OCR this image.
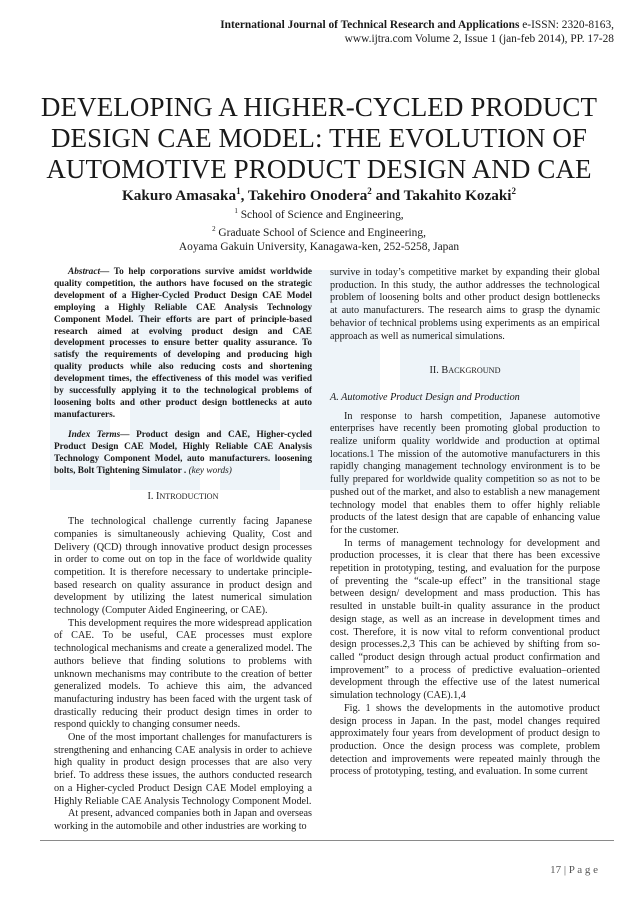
International Journal of Technical Research and Applications e-ISSN: 2320-8163,
www.ijtra.com Volume 2, Issue 1 (jan-feb 2014), PP. 17-28
DEVELOPING A HIGHER-CYCLED PRODUCT DESIGN CAE MODEL: THE EVOLUTION OF AUTOMOTIVE PRODUCT DESIGN AND CAE
Kakuro Amasaka$^1$, Takehiro Onodera$^2$ and Takahito Kozaki$^2$
$^1$ School of Science and Engineering,
$^2$ Graduate School of Science and Engineering,
Aoyama Gakuin University, Kanagawa-ken, 252-5258, Japan

Abstract— To help corporations survive amidst worldwide quality competition, the authors have focused on the strategic development of a Higher-Cycled Product Design CAE Model employing a Highly Reliable CAE Analysis Technology Component Model. Their efforts are part of principle-based research aimed at evolving product design and CAE development processes to ensure better quality assurance. To satisfy the requirements of developing and producing high quality products while also reducing costs and shortening development times, the effectiveness of this model was verified by successfully applying it to the technological problems of loosening bolts and other product design bottlenecks at auto manufacturers.

Index Terms— Product design and CAE, Higher-cycled Product Design CAE Model, Highly Reliable CAE Analysis Technology Component Model, auto manufacturers. loosening bolts, Bolt Tightening Simulator . (key words)

I. INTRODUCTION

The technological challenge currently facing Japanese companies is simultaneously achieving Quality, Cost and Delivery (QCD) through innovative product design processes in order to come out on top in the face of worldwide quality competition. It is therefore necessary to undertake principle-based research on quality assurance in product design and development by utilizing the latest numerical simulation technology (Computer Aided Engineering, or CAE).

This development requires the more widespread application of CAE. To be useful, CAE processes must explore technological mechanisms and create a generalized model. The authors believe that finding solutions to problems with unknown mechanisms may contribute to the creation of better generalized models. To achieve this aim, the advanced manufacturing industry has been faced with the urgent task of drastically reducing their product design times in order to respond quickly to changing consumer needs.

One of the most important challenges for manufacturers is strengthening and enhancing CAE analysis in order to achieve high quality in product design processes that are also very brief. To address these issues, the authors conducted research on a Higher-cycled Product Design CAE Model employing a Highly Reliable CAE Analysis Technology Component Model.

At present, advanced companies both in Japan and overseas working in the automobile and other industries are working to

survive in today’s competitive market by expanding their global production. In this study, the author addresses the technological problem of loosening bolts and other product design bottlenecks at auto manufacturers. The research aims to grasp the dynamic behavior of technical problems using experiments as an empirical approach as well as numerical simulations.

II. BACKGROUND

A. Automotive Product Design and Production

In response to harsh competition, Japanese automotive enterprises have recently been promoting global production to realize uniform quality worldwide and production at optimal locations.1 The mission of the automotive manufacturers in this rapidly changing management technology environment is to be fully prepared for worldwide quality competition so as not to be pushed out of the market, and also to establish a new management technology model that enables them to offer highly reliable products of the latest design that are capable of enhancing value for the customer.

In terms of management technology for development and production processes, it is clear that there has been excessive repetition in prototyping, testing, and evaluation for the purpose of preventing the “scale-up effect” in the transitional stage between design/ development and mass production. This has resulted in unstable built-in quality assurance in the product design stage, as well as an increase in development times and cost. Therefore, it is now vital to reform conventional product design processes.2,3 This can be achieved by shifting from so-called “product design through actual product confirmation and improvement” to a process of predictive evaluation–oriented development through the effective use of the latest numerical simulation technology (CAE).1,4

Fig. 1 shows the developments in the automotive product design process in Japan. In the past, model changes required approximately four years from development of product design to production. Once the design process was complete, problem detection and improvements were repeated mainly through the process of prototyping, testing, and evaluation. In some current

17 | P a g e
